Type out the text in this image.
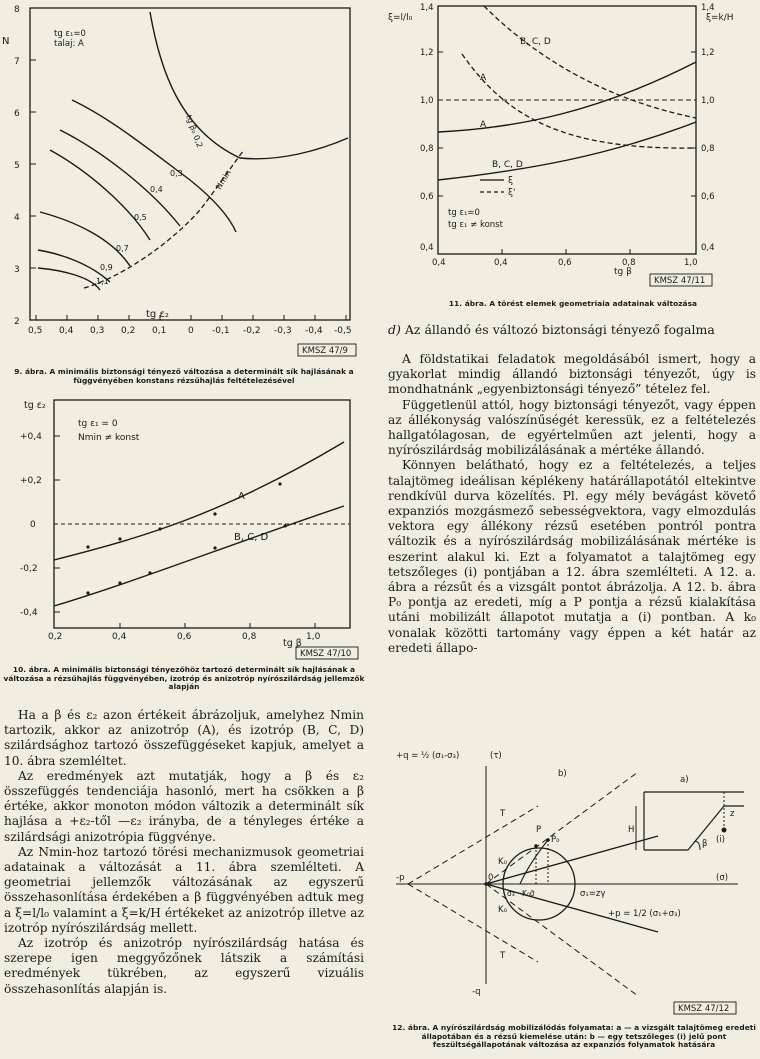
8
7
6
5
4
3
2
N
0,5 0,4 0,3 0,2 0,1 0 -0,1 -0,2 -0,3 -0,4 -0,5
tg ε₂
tg ε₁=0
talaj: A
tg β₀ 0,2
0,3
0,4
0,5
0,7
0,9
1,1
Nmin
KMSZ 47/9
9. ábra. A minimális biztonsági tényező változása a determinált sík hajlásának a függvényében konstans rézsűhajlás feltételezésével
+0,4
+0,2
0
-0,2
-0,4
tg ε₂
0,2	0,4	0,6	0,8	1,0
tg β
tg ε₁ = 0
Nmin ≠ konst
A
B, C, D
KMSZ 47/10
10. ábra. A minimális biztonsági tényezőhöz tartozó determinált sík hajlásának a változása a rézsűhajlás függvényében, izotróp és anizotróp nyírószilárdság jellemzők alapján

Ha a β és ε₂ azon értékeit ábrázoljuk, amelyhez Nmin tartozik, akkor az anizotróp (A), és izotróp (B, C, D) szilárdsághoz tartozó összefüggéseket kapjuk, amelyet a 10. ábra szemléltet.

Az eredmények azt mutatják, hogy a β és ε₂ összefüggés tendenciája hasonló, mert ha csökken a β értéke, akkor monoton módon változik a determinált sík hajlása a +ε₂-től —ε₂ irányba, de a tényleges értéke a szilárdsági anizotrópia függvénye.

Az Nmin-hoz tartozó törési mechanizmusok geometriai adatainak a változását a 11. ábra szemlélteti. A geometriai jellemzők változásának az egyszerű összehasonlítása érdekében a β függvényében adtuk meg a ξ=l/l₀ valamint a ξ=k/H értékeket az anizotróp illetve az izotróp nyírószilárdság mellett.

Az izotróp és anizotróp nyírószilárdság hatása és szerepe igen meggyőzőnek látszik a számítási eredmények tükrében, az egyszerű vizuális összehasonlítás alapján is.

ξ=l/l₀	ξ=k/H
0,4
0,6
0,8
1,0
1,2
1,4	1,4
1,2
1,0
0,8
0,6
0,4
0,4	0,4	0,6	0,8	1,0
tg β
B, C, D
A
A
B, C, D
ξ
ξ'
tg ε₁=0
tg ε₁ ≠ konst
KMSZ 47/11
11. ábra. A törést elemek geometriaia adatainak változása

d) Az állandó és változó biztonsági tényező fogalma

A földstatikai feladatok megoldásából ismert, hogy a gyakorlat mindig állandó biztonsági tényezőt, úgy is mondhatnánk „egyenbiztonsági tényező” tételez fel.

Függetlenül attól, hogy biztonsági tényezőt, vagy éppen az állékonyság valószínűségét keressük, ez a feltételezés hallgatólagosan, de egyértelműen azt jelenti, hogy a nyírószilárdság mobilizálásának a mértéke állandó.

Könnyen belátható, hogy ez a feltételezés, a teljes talajtömeg ideálisan képlékeny határállapotától eltekintve rendkívül durva közelítés. Pl. egy mély bevágást követő expanziós mozgásmező sebességvektora, vagy elmozdulás vektora egy állékony rézsű esetében pontról pontra változik és a nyírószilárdság mobilizálásának mértéke is eszerint alakul ki. Ezt a folyamatot a talajtömeg egy tetszőleges (i) pontjában a 12. ábra szemlélteti. A 12. a. ábra a rézsűt és a vizsgált pontot ábrázolja. A 12. b. ábra P₀ pontja az eredeti, míg a P pontja a rézsű kialakítása utáni mobilizált állapotot mutatja a (i) pontban. A k₀ vonalak közötti tartomány vagy éppen a két határ az eredeti állapo-

+q = ½ (σ₁-σ₃)	(τ)
b)
a)
P
P₀
K₀
K₀
T
T
-p	0
σ₃ K₀σ̄	σ₁=zγ
(σ)
+p = 1/2 (σ₁+σ₃)
-q
H
z
(i)
β
KMSZ 47/12
12. ábra. A nyírószilárdság mobilizálódás folyamata: a — a vizsgált talajtömeg eredeti állapotában és a rézsű kiemelése után: b — egy tetszőleges (i) jelű pont feszültségállapotának változása az expanziós folyamatok hatására
